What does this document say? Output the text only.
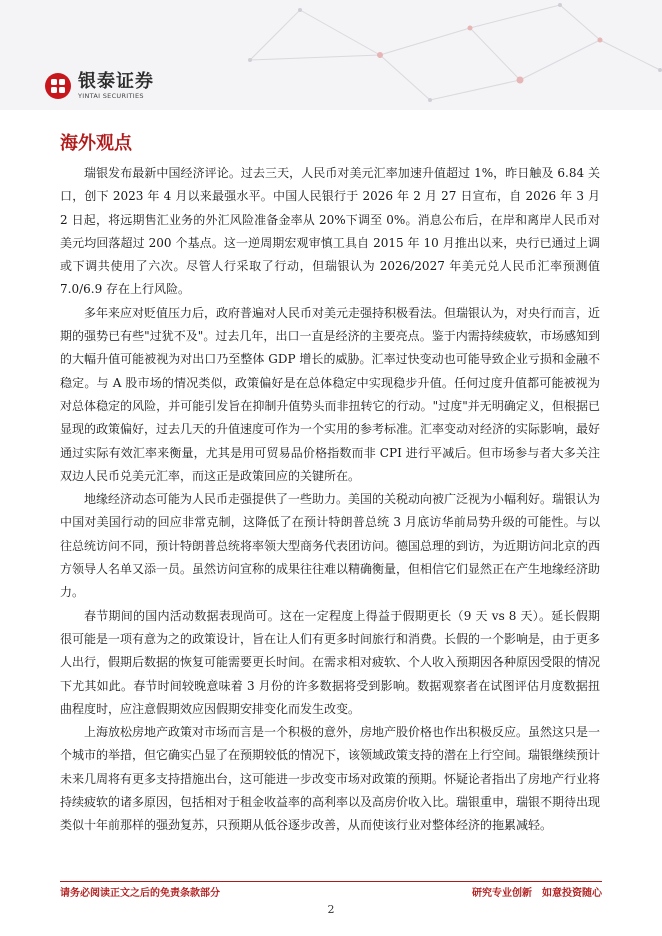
银泰证券
YINTAI SECURITIES
海外观点

瑞银发布最新中国经济评论。过去三天，人民币对美元汇率加速升值超过 1%，昨日触及 6.84 关口，创下 2023 年 4 月以来最强水平。中国人民银行于 2026 年 2 月 27 日宣布，自 2026 年 3 月 2 日起，将远期售汇业务的外汇风险准备金率从 20%下调至 0%。消息公布后，在岸和离岸人民币对美元均回落超过 200 个基点。这一逆周期宏观审慎工具自 2015 年 10 月推出以来，央行已通过上调或下调共使用了六次。尽管人行采取了行动，但瑞银认为 2026/2027 年美元兑人民币汇率预测值 7.0/6.9 存在上行风险。

多年来应对贬值压力后，政府普遍对人民币对美元走强持积极看法。但瑞银认为，对央行而言，近期的强势已有些"过犹不及"。过去几年，出口一直是经济的主要亮点。鉴于内需持续疲软，市场感知到的大幅升值可能被视为对出口乃至整体 GDP 增长的威胁。汇率过快变动也可能导致企业亏损和金融不稳定。与 A 股市场的情况类似，政策偏好是在总体稳定中实现稳步升值。任何过度升值都可能被视为对总体稳定的风险，并可能引发旨在抑制升值势头而非扭转它的行动。"过度"并无明确定义，但根据已显现的政策偏好，过去几天的升值速度可作为一个实用的参考标准。汇率变动对经济的实际影响，最好通过实际有效汇率来衡量，尤其是用可贸易品价格指数而非 CPI 进行平减后。但市场参与者大多关注双边人民币兑美元汇率，而这正是政策回应的关键所在。

地缘经济动态可能为人民币走强提供了一些助力。美国的关税动向被广泛视为小幅利好。瑞银认为中国对美国行动的回应非常克制，这降低了在预计特朗普总统 3 月底访华前局势升级的可能性。与以往总统访问不同，预计特朗普总统将率领大型商务代表团访问。德国总理的到访，为近期访问北京的西方领导人名单又添一员。虽然访问宣称的成果往往难以精确衡量，但相信它们显然正在产生地缘经济助力。

春节期间的国内活动数据表现尚可。这在一定程度上得益于假期更长（9 天 vs 8 天）。延长假期很可能是一项有意为之的政策设计，旨在让人们有更多时间旅行和消费。长假的一个影响是，由于更多人出行，假期后数据的恢复可能需要更长时间。在需求相对疲软、个人收入预期因各种原因受限的情况下尤其如此。春节时间较晚意味着 3 月份的许多数据将受到影响。数据观察者在试图评估月度数据扭曲程度时，应注意假期效应因假期安排变化而发生改变。

上海放松房地产政策对市场而言是一个积极的意外，房地产股价格也作出积极反应。虽然这只是一个城市的举措，但它确实凸显了在预期较低的情况下，该领域政策支持的潜在上行空间。瑞银继续预计未来几周将有更多支持措施出台，这可能进一步改变市场对政策的预期。怀疑论者指出了房地产行业将持续疲软的诸多原因，包括相对于租金收益率的高利率以及高房价收入比。瑞银重申，瑞银不期待出现类似十年前那样的强劲复苏，只预期从低谷逐步改善，从而使该行业对整体经济的拖累减轻。

请务必阅读正文之后的免责条款部分	研究专业创新　如意投资随心
2
